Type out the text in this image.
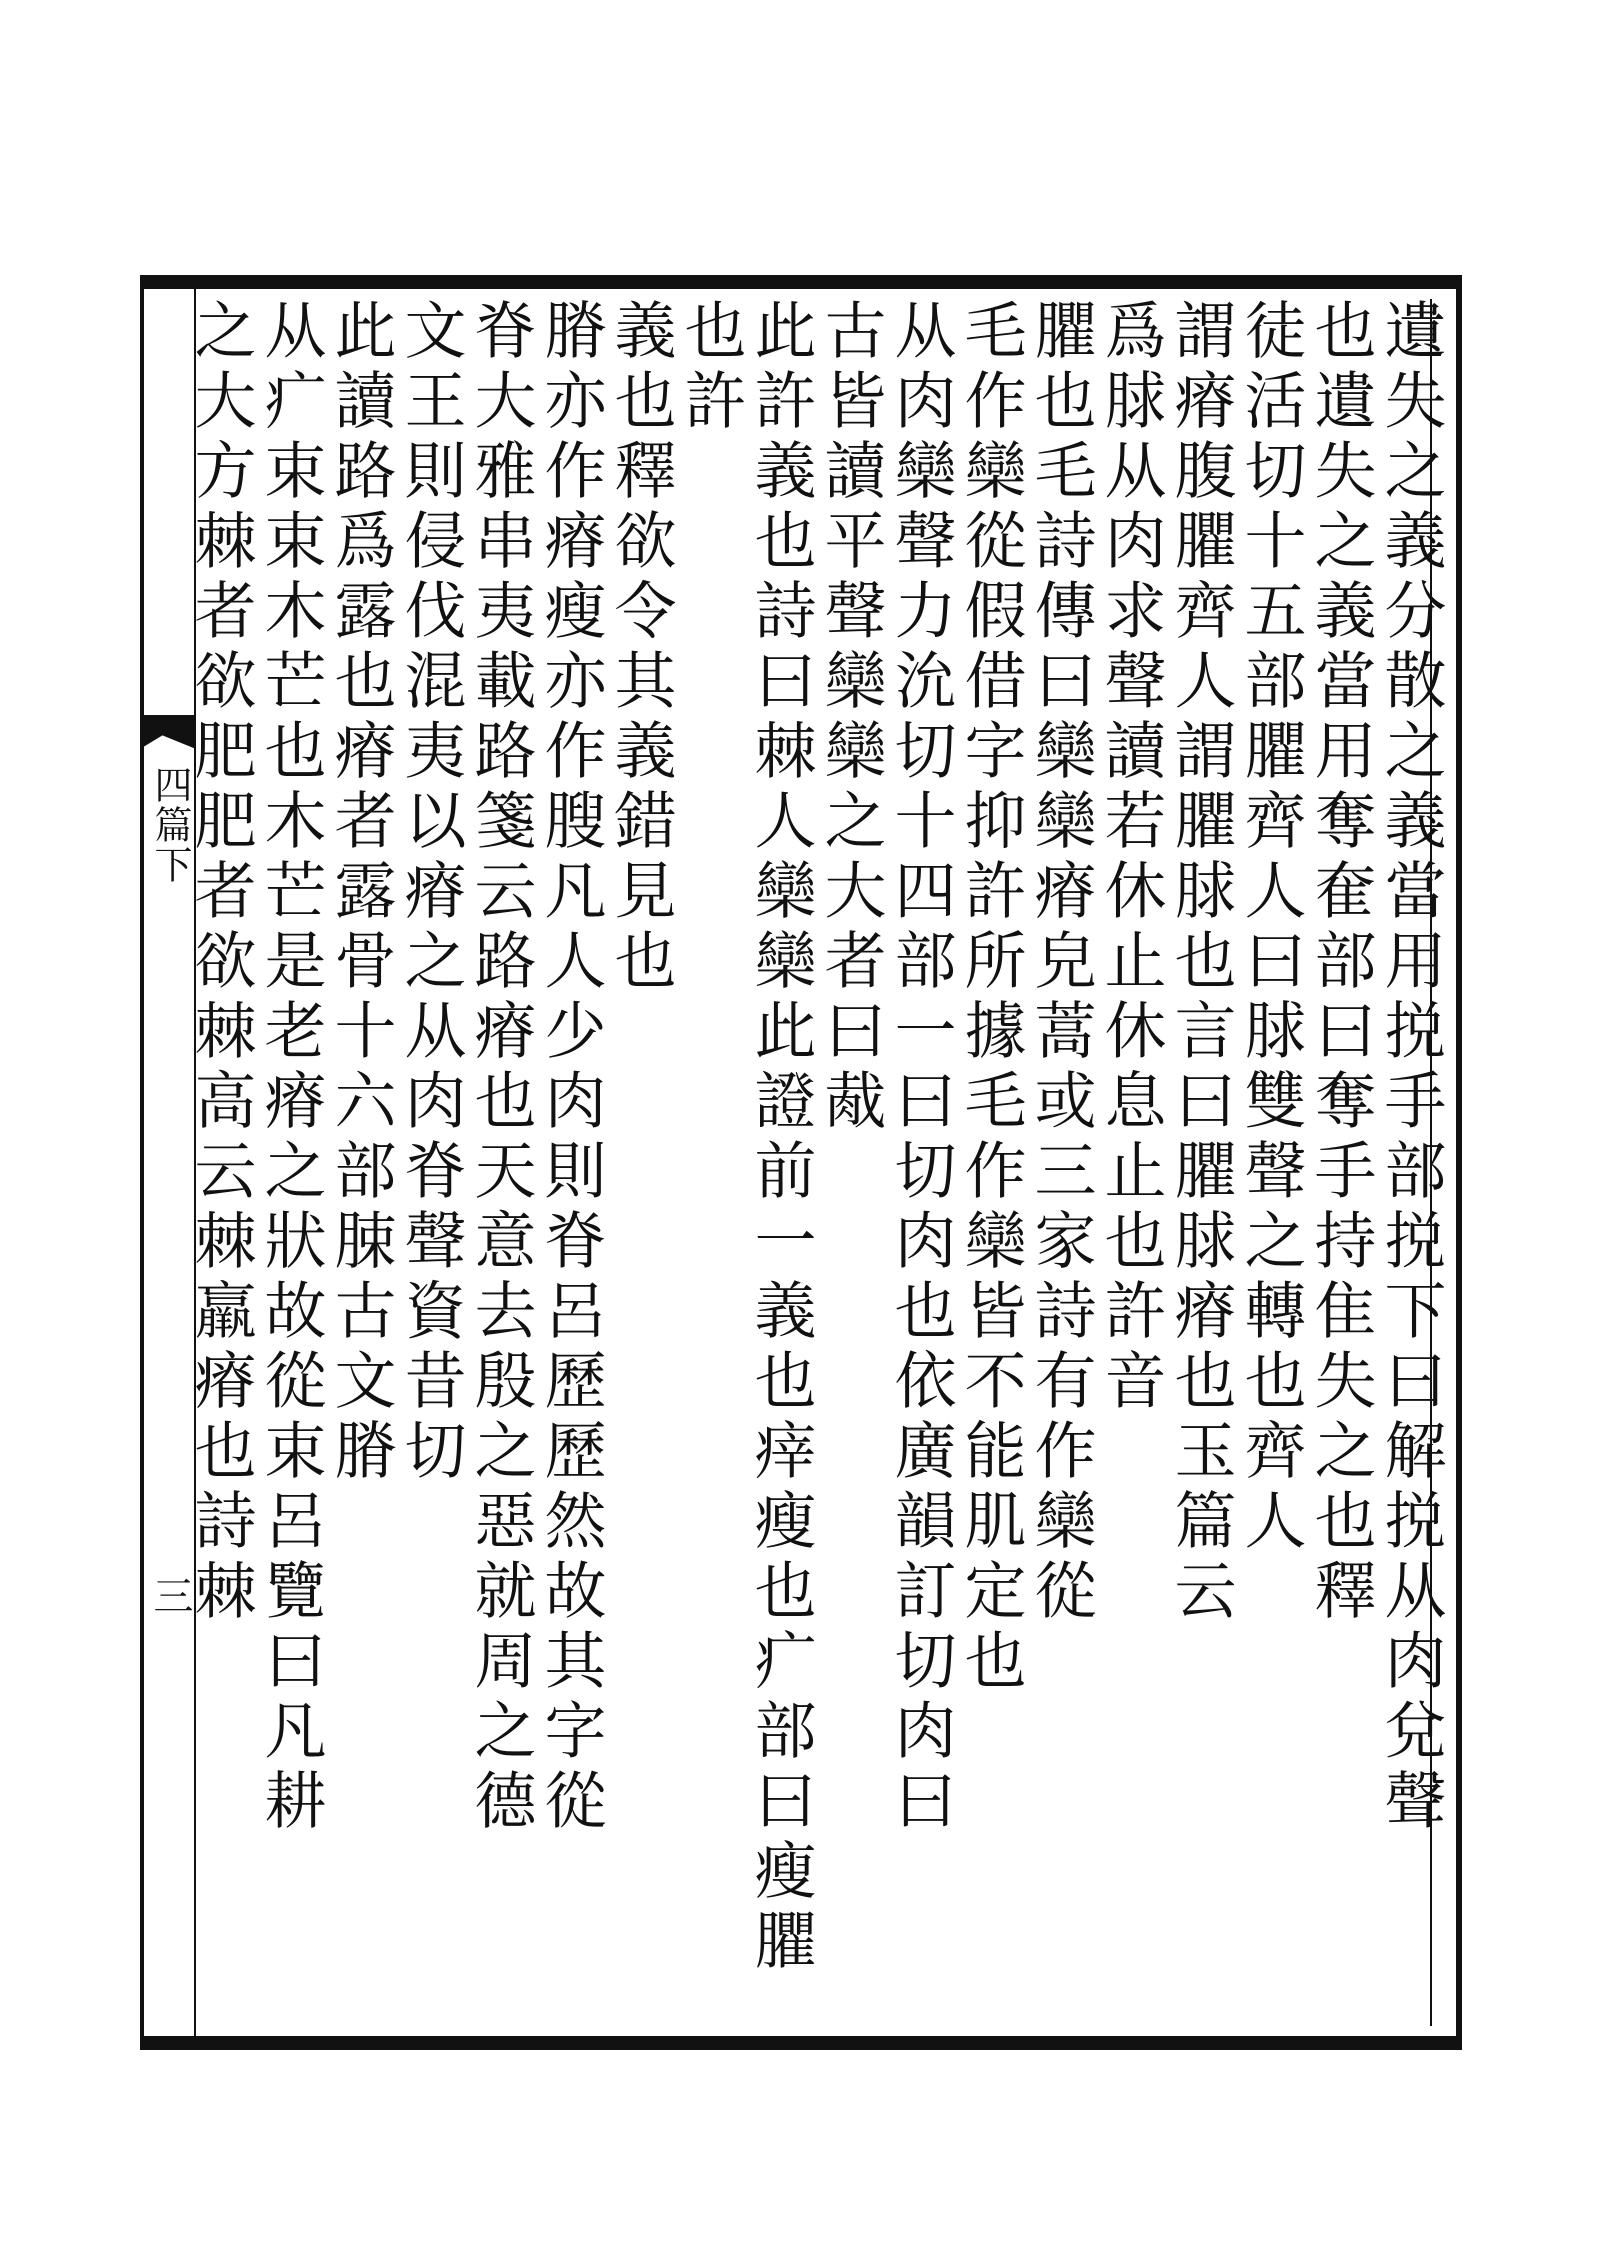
四篇下
三	遺失之義分散之義當用捝手部捝下曰解捝从肉兌聲
也遺失之義當用奪奞部曰奪手持隹失之也釋
徒活切十五部臞齊人曰脙雙聲之轉也齊人
謂瘠腹臞齊人謂臞脙也言曰臞脙瘠也玉篇云
爲脙从肉求聲讀若休止休息止也許音
臞也毛詩傳曰欒欒瘠皃蒿或三家詩有作欒從
毛作欒從假借字抑許所據毛作欒皆不能肌定也
从肉欒聲力沇切十四部一曰切肉也依廣韻訂切肉曰
古皆讀平聲欒欒之大者曰胾
此許義也詩曰棘人欒欒此證前一義也㾕瘦也疒部曰瘦臞也許
義也釋欲令其義錯見也
膌亦作瘠瘦亦作膄凡人少肉則脊呂歷歷然故其字從
脊大雅串夷載路箋云路瘠也天意去殷之惡就周之德
文王則侵伐混夷以瘠之从肉脊聲資昔切
此讀路爲露也瘠者露骨十六部脨古文膌
从疒束束木芒也木芒是老瘠之狀故從束呂覽曰凡耕
之大方棘者欲肥肥者欲棘高云棘羸瘠也詩棘
